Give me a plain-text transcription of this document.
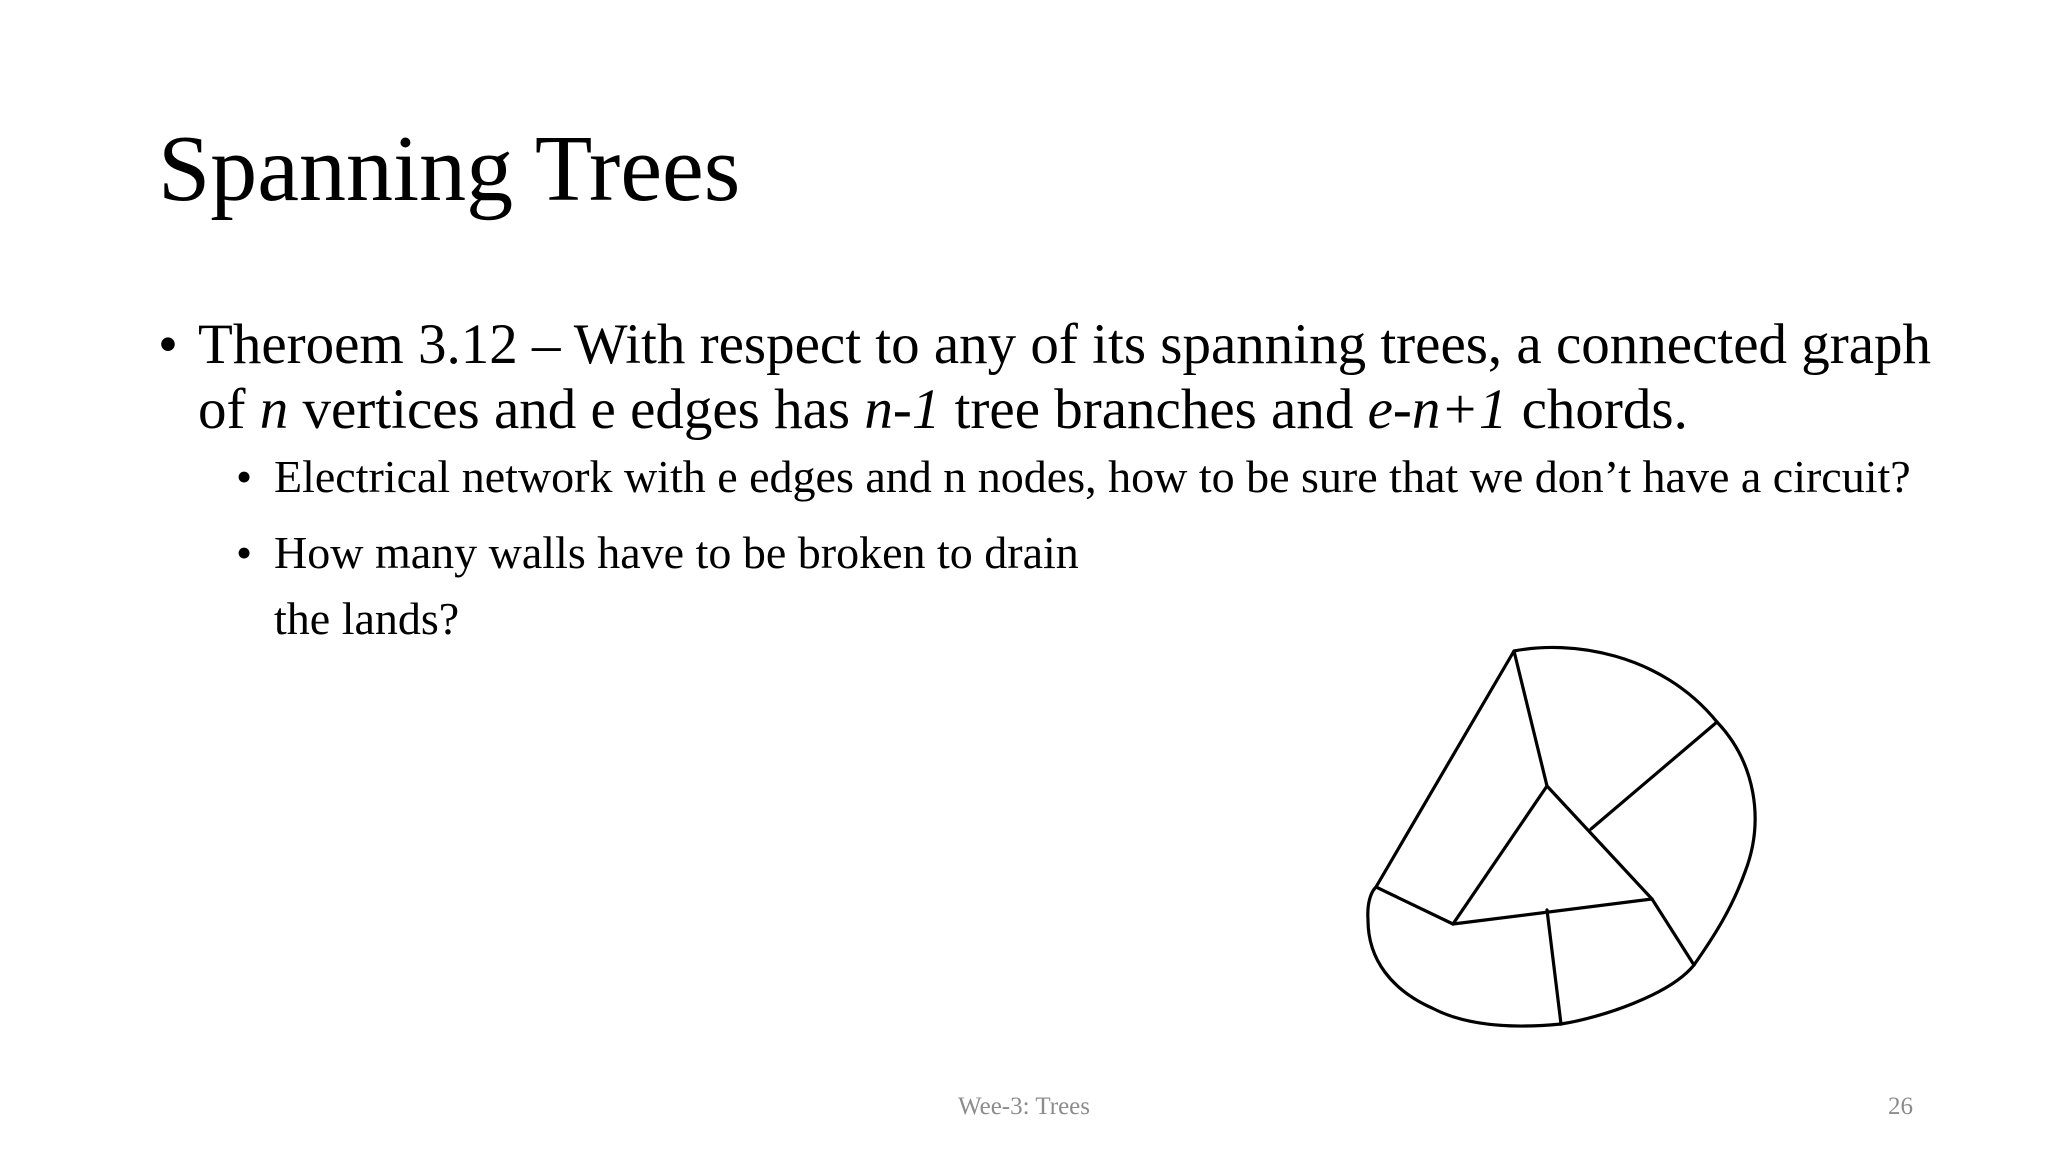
Spanning Trees
• Theroem 3.12 – With respect to any of its spanning trees, a connected graph of n vertices and e edges has n-1 tree branches and e-n+1 chords.
• Electrical network with e edges and n nodes, how to be sure that we don’t have a circuit?
• How many walls have to be broken to drain the lands?
Wee-3: Trees	26
